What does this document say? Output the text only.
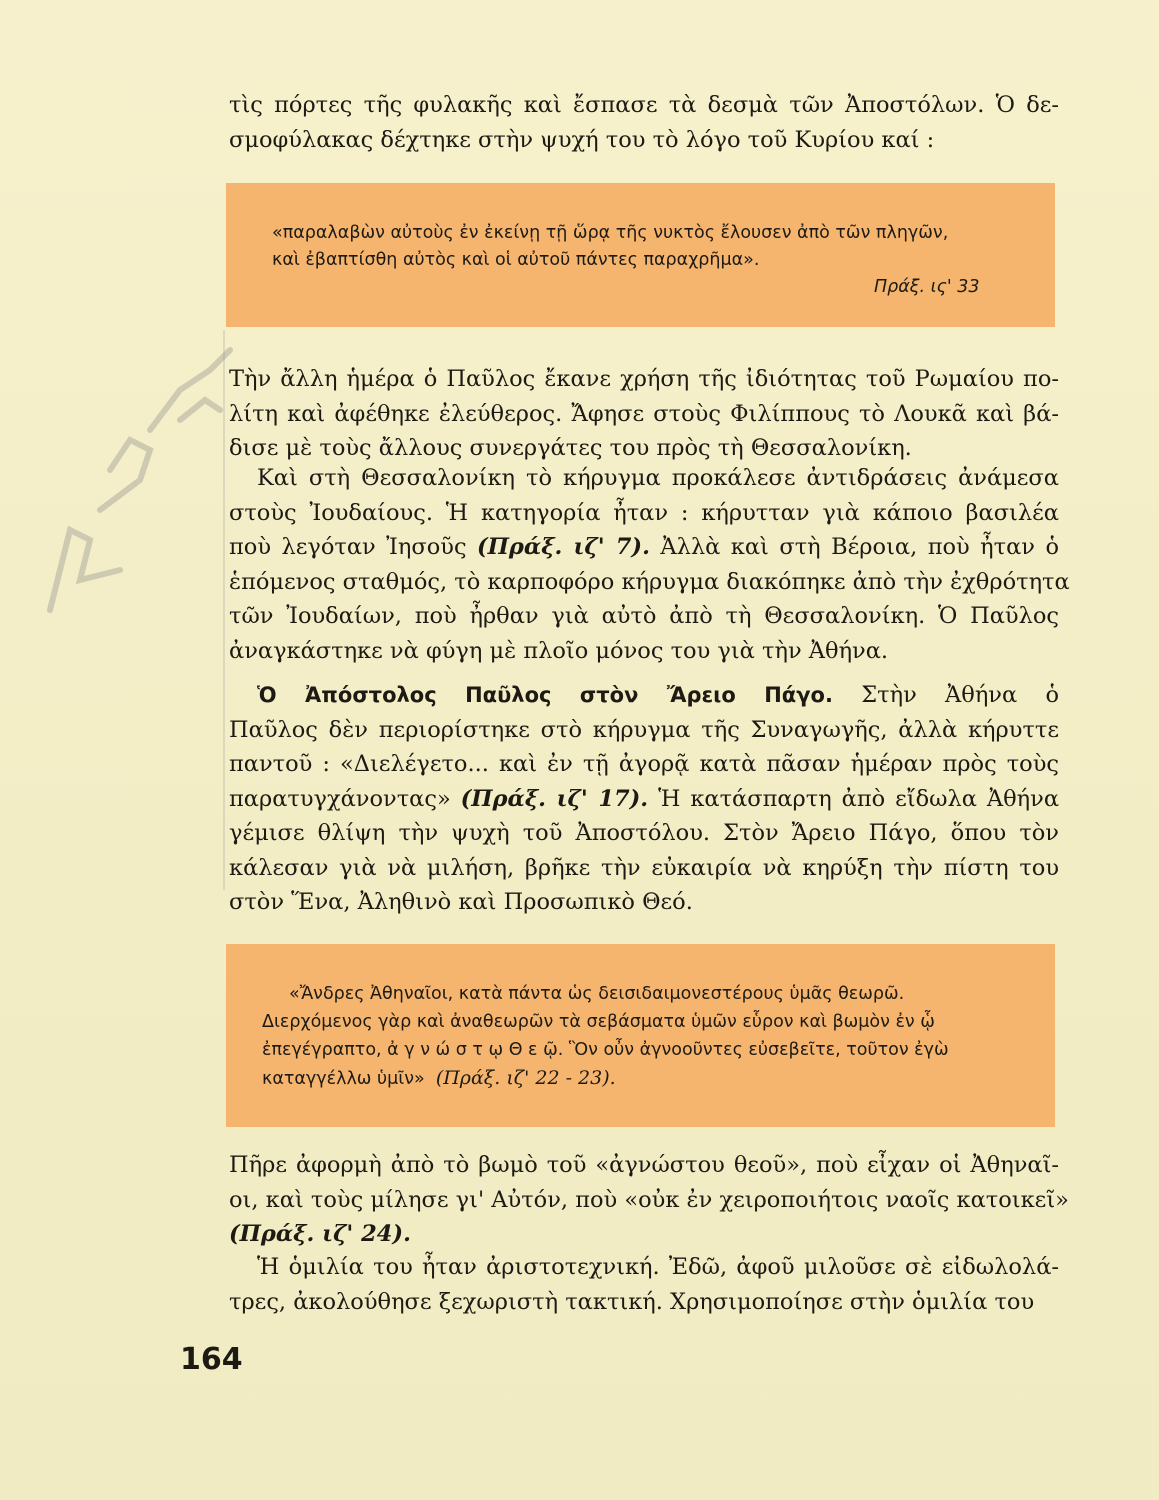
τὶς πόρτες τῆς φυλακῆς καὶ ἔσπασε τὰ δεσμὰ τῶν Ἀποστόλων. Ὁ δε-
σμοφύλακας δέχτηκε στὴν ψυχή του τὸ λόγο τοῦ Κυρίου καί :

«παραλαβὼν αὐτοὺς ἐν ἐκείνῃ τῇ ὥρᾳ τῆς νυκτὸς ἔλουσεν ἀπὸ τῶν πληγῶν,
καὶ ἐβαπτίσθη αὐτὸς καὶ οἱ αὐτοῦ πάντες παραχρῆμα».
Πράξ. ις' 33

Τὴν ἄλλη ἡμέρα ὁ Παῦλος ἔκανε χρήση τῆς ἰδιότητας τοῦ Ρωμαίου πο-
λίτη καὶ ἀφέθηκε ἐλεύθερος. Ἄφησε στοὺς Φιλίππους τὸ Λουκᾶ καὶ βά-
δισε μὲ τοὺς ἄλλους συνεργάτες του πρὸς τὴ Θεσσαλονίκη.

Καὶ στὴ Θεσσαλονίκη τὸ κήρυγμα προκάλεσε ἀντιδράσεις ἀνάμεσα
στοὺς Ἰουδαίους. Ἡ κατηγορία ἦταν : κήρυτταν γιὰ κάποιο βασιλέα
ποὺ λεγόταν Ἰησοῦς (Πράξ. ιζ' 7). Ἀλλὰ καὶ στὴ Βέροια, ποὺ ἦταν ὁ
ἑπόμενος σταθμός, τὸ καρποφόρο κήρυγμα διακόπηκε ἀπὸ τὴν ἐχθρότητα
τῶν Ἰουδαίων, ποὺ ἦρθαν γιὰ αὐτὸ ἀπὸ τὴ Θεσσαλονίκη. Ὁ Παῦλος
ἀναγκάστηκε νὰ φύγη μὲ πλοῖο μόνος του γιὰ τὴν Ἀθήνα.

Ὁ Ἀπόστολος Παῦλος στὸν Ἄρειο Πάγο. Στὴν Ἀθήνα ὁ
Παῦλος δὲν περιορίστηκε στὸ κήρυγμα τῆς Συναγωγῆς, ἀλλὰ κήρυττε
παντοῦ : «Διελέγετο... καὶ ἐν τῇ ἀγορᾷ κατὰ πᾶσαν ἡμέραν πρὸς τοὺς
παρατυγχάνοντας» (Πράξ. ιζ' 17). Ἡ κατάσπαρτη ἀπὸ εἴδωλα Ἀθήνα
γέμισε θλίψη τὴν ψυχὴ τοῦ Ἀποστόλου. Στὸν Ἄρειο Πάγο, ὅπου τὸν
κάλεσαν γιὰ νὰ μιλήση, βρῆκε τὴν εὐκαιρία νὰ κηρύξη τὴν πίστη του
στὸν Ἕνα, Ἀληθινὸ καὶ Προσωπικὸ Θεό.

«Ἄνδρες Ἀθηναῖοι, κατὰ πάντα ὡς δεισιδαιμονεστέρους ὑμᾶς θεωρῶ.
Διερχόμενος γὰρ καὶ ἀναθεωρῶν τὰ σεβάσματα ὑμῶν εὗρον καὶ βωμὸν ἐν ᾧ
ἐπεγέγραπτο, ἀ γ ν ώ σ τ ῳ Θ ε ῷ. Ὃν οὖν ἀγνοοῦντες εὐσεβεῖτε, τοῦτον ἐγὼ
καταγγέλλω ὑμῖν» (Πράξ. ιζ' 22 - 23).

Πῆρε ἀφορμὴ ἀπὸ τὸ βωμὸ τοῦ «ἀγνώστου θεοῦ», ποὺ εἶχαν οἱ Ἀθηναῖ-
οι, καὶ τοὺς μίλησε γι' Αὐτόν, ποὺ «οὐκ ἐν χειροποιήτοις ναοῖς κατοικεῖ»
(Πράξ. ιζ' 24).

Ἡ ὁμιλία του ἦταν ἀριστοτεχνική. Ἐδῶ, ἀφοῦ μιλοῦσε σὲ εἰδωλολά-
τρες, ἀκολούθησε ξεχωριστὴ τακτική. Χρησιμοποίησε στὴν ὁμιλία του

164
